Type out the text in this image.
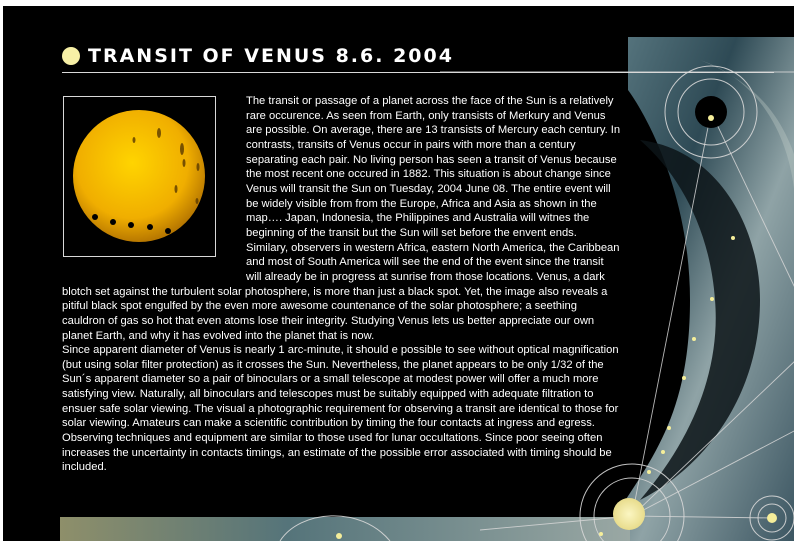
TRANSIT OF VENUS 8.6. 2004

The transit or passage of a planet across the face of the Sun is a relatively rare occurence. As seen from Earth, only transists of Merkury and Venus are possible. On average, there are 13 transists of Mercury each century. In contrasts, transits of Venus occur in pairs with more than a century separating each pair. No living person has seen a transit of Venus because the most recent one occured in 1882. This situation is about change since Venus will transit the Sun on Tuesday, 2004 June 08. The entire event will be widely visible from from the Europe, Africa and Asia as shown in the map…. Japan, Indonesia, the Philippines and Australia will witnes the beginning of the transit but the Sun will set before the envent ends. Similary, observers in western Africa, eastern North America, the Caribbean and most of South America will see the end of the event since the transit will already be in progress at sunrise from those locations. Venus, a dark blotch set against the turbulent solar photosphere, is more than just a black spot. Yet, the image also reveals a pitiful black spot engulfed by the even more awesome countenance of the solar photosphere; a seething cauldron of gas so hot that even atoms lose their integrity. Studying Venus lets us better appreciate our own planet Earth, and why it has evolved into the planet that is now.

Since apparent diameter of Venus is nearly 1 arc-minute, it should e possible to see without optical magnification (but using solar filter protection) as it crosses the Sun. Nevertheless, the planet appears to be only 1/32 of the Sun´s apparent diameter so a pair of binoculars or a small telescope at modest power will offer a much more satisfying view. Naturally, all binoculars and telescopes must be suitably equipped with adequate filtration to ensuer safe solar viewing. The visual a photographic requirement for observing a transit are identical to those for solar viewing. Amateurs can make a scientific contribution by timing the four contacts at ingress and egress. Observing techniques and equipment are similar to those used for lunar occultations. Since poor seeing often increases the uncertainty in contacts timings, an estimate of the possible error associated with timing should be included.
